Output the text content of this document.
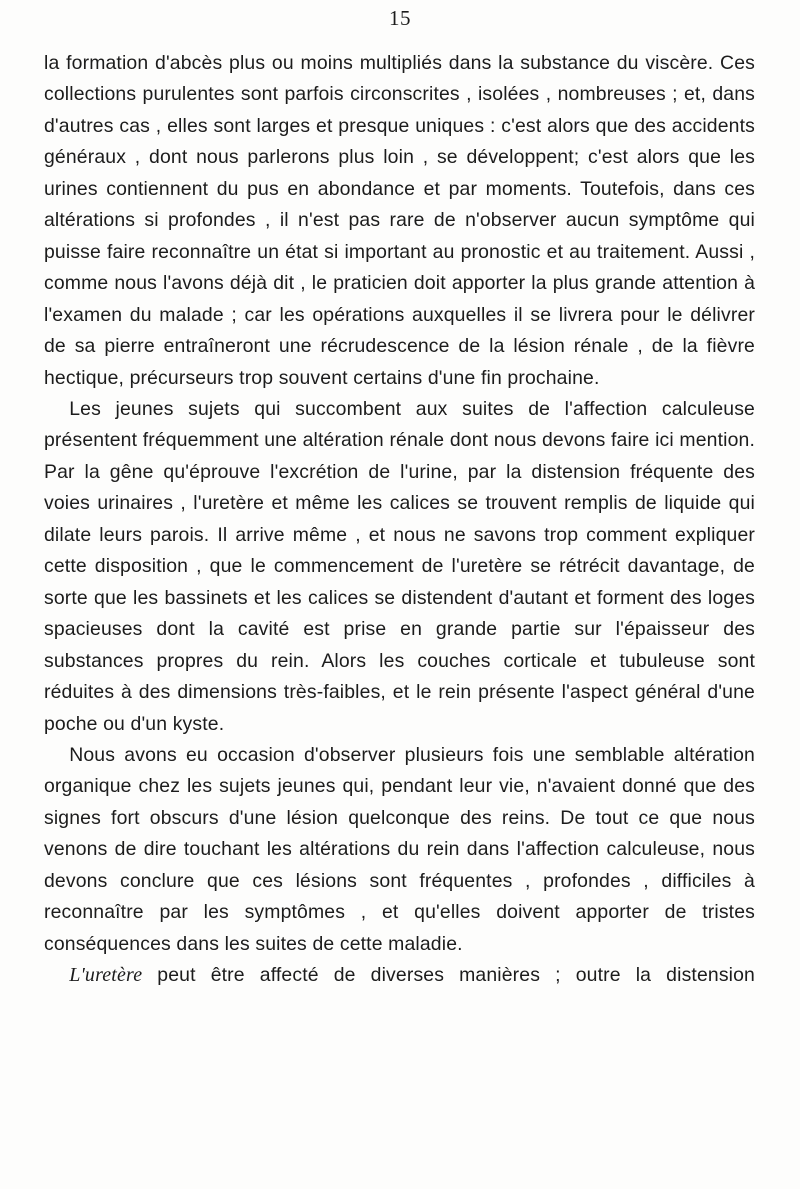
15

la formation d'abcès plus ou moins multipliés dans la substance du viscère. Ces collections purulentes sont parfois circonscrites , isolées , nombreuses ; et, dans d'autres cas , elles sont larges et presque uniques : c'est alors que des accidents généraux , dont nous parlerons plus loin , se développent; c'est alors que les urines contiennent du pus en abondance et par moments. Toutefois, dans ces altérations si profondes , il n'est pas rare de n'observer aucun symptôme qui puisse faire reconnaître un état si important au pronostic et au traitement. Aussi , comme nous l'avons déjà dit , le praticien doit apporter la plus grande attention à l'examen du malade ; car les opérations auxquelles il se livrera pour le délivrer de sa pierre entraîneront une récrudescence de la lésion rénale , de la fièvre hectique, précurseurs trop souvent certains d'une fin prochaine.

Les jeunes sujets qui succombent aux suites de l'affection calculeuse présentent fréquemment une altération rénale dont nous devons faire ici mention. Par la gêne qu'éprouve l'excrétion de l'urine, par la distension fréquente des voies urinaires , l'uretère et même les calices se trouvent remplis de liquide qui dilate leurs parois. Il arrive même , et nous ne savons trop comment expliquer cette disposition , que le commencement de l'uretère se rétrécit davantage, de sorte que les bassinets et les calices se distendent d'autant et forment des loges spacieuses dont la cavité est prise en grande partie sur l'épaisseur des substances propres du rein. Alors les couches corticale et tubuleuse sont réduites à des dimensions très-faibles, et le rein présente l'aspect général d'une poche ou d'un kyste.

Nous avons eu occasion d'observer plusieurs fois une semblable altération organique chez les sujets jeunes qui, pendant leur vie, n'avaient donné que des signes fort obscurs d'une lésion quelconque des reins. De tout ce que nous venons de dire touchant les altérations du rein dans l'affection calculeuse, nous devons conclure que ces lésions sont fréquentes , profondes , difficiles à reconnaître par les symptômes , et qu'elles doivent apporter de tristes conséquences dans les suites de cette maladie.

L'uretère peut être affecté de diverses manières ; outre la distension
